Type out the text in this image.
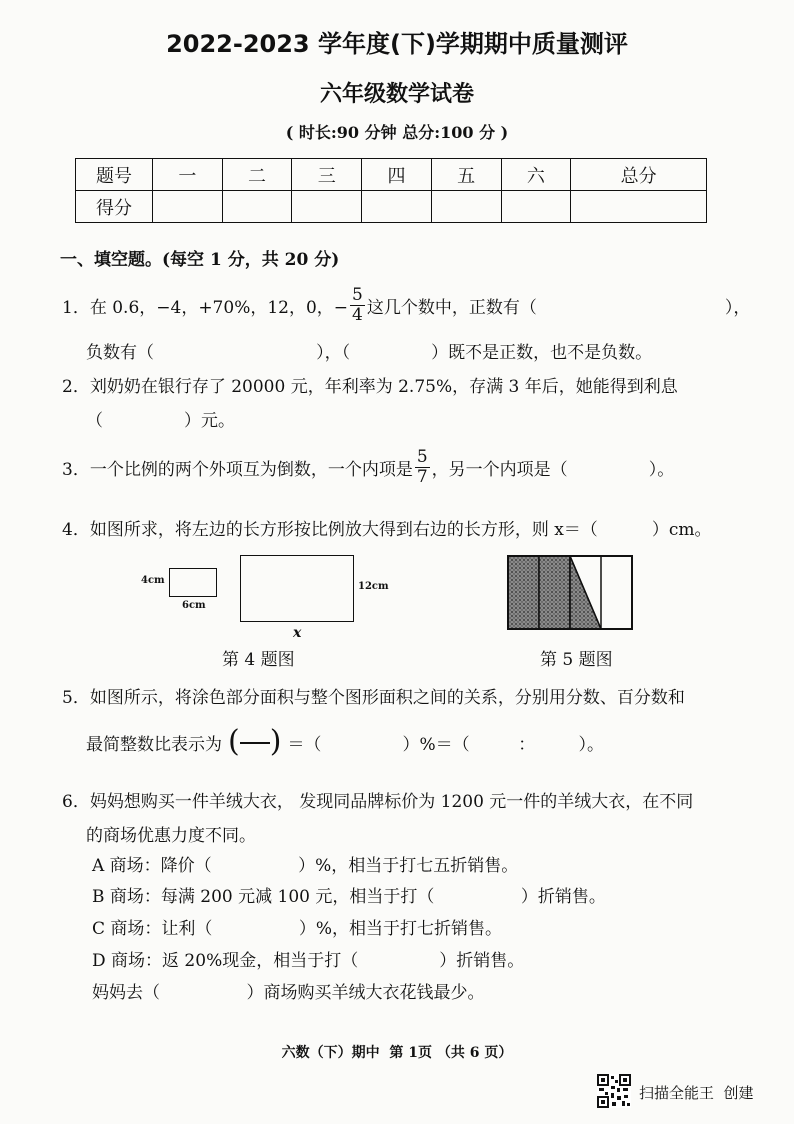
2022-2023 学年度(下)学期期中质量测评
六年级数学试卷
( 时长:90 分钟 总分:100 分 )
题号	一	二	三	四	五	六	总分
得分							
一、填空题。(每空 1 分，共 20 分)
1．在 0.6，−4，+70%，12，0，− $\frac{5}{4}$ 这几个数中，正数有（	），
负数有（                              ），（               ）既不是正数，也不是负数。
2．刘奶奶在银行存了 20000 元，年利率为 2.75%，存满 3 年后，她能得到利息
（               ）元。
3．一个比例的两个外项互为倒数，一个内项是 $\frac{5}{7}$ ，另一个内项是（               ）。
4．如图所求，将左边的长方形按比例放大得到右边的长方形，则 x＝（          ）cm。
4cm
6cm
12cm
x
第 4 题图	第 5 题图
5．如图所示，将涂色部分面积与整个图形面积之间的关系，分别用分数、百分数和
最简整数比表示为 ( ) ＝（               ）%＝（         ：        ）。
6．妈妈想购买一件羊绒大衣， 发现同品牌标价为 1200 元一件的羊绒大衣，在不同
的商场优惠力度不同。
A 商场：降价（                ）%，相当于打七五折销售。
B 商场：每满 200 元减 100 元，相当于打（                ）折销售。
C 商场：让利（                ）%，相当于打七折销售。
D 商场：返 20%现金，相当于打（               ）折销售。
妈妈去（                ）商场购买羊绒大衣花钱最少。
六数（下）期中  第 1页 （共 6 页）
扫描全能王  创建
